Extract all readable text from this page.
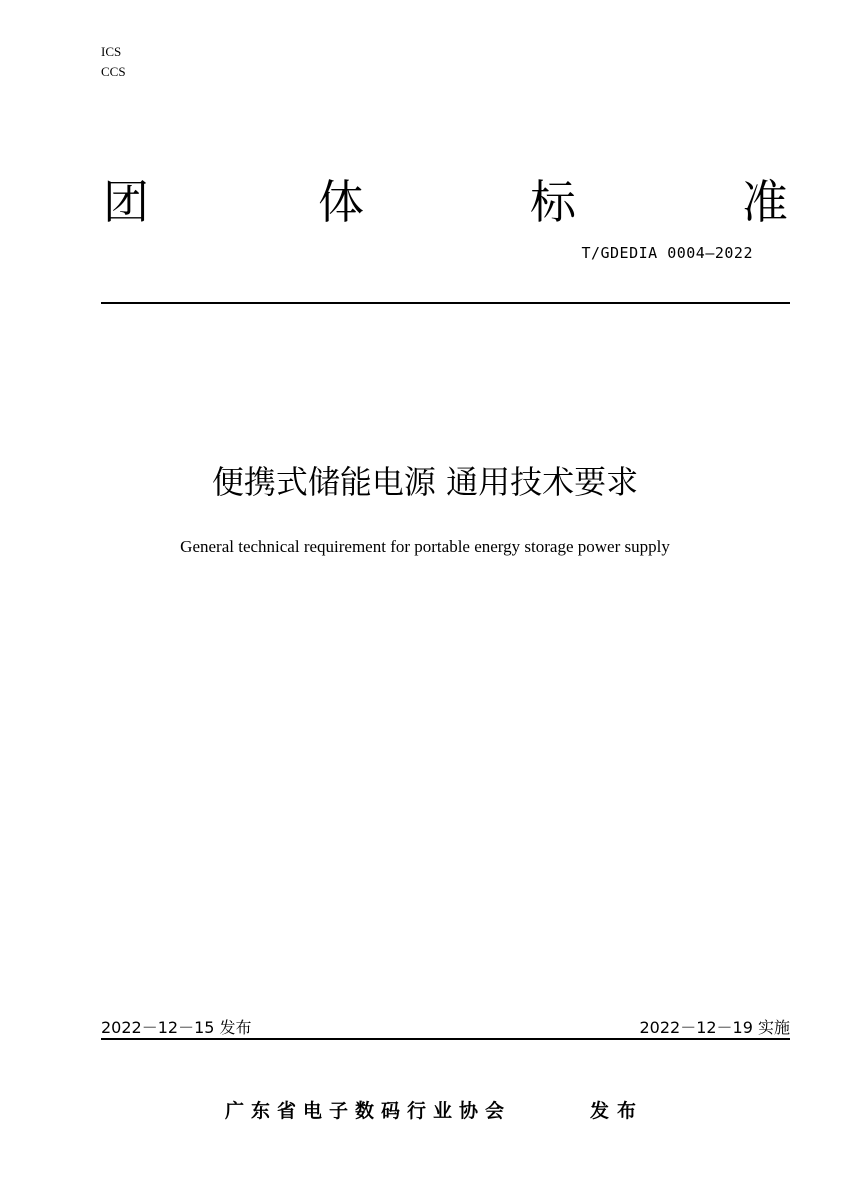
ICS
CCS
团	体	标	准
T/GDEDIA 0004—2022
便携式储能电源 通用技术要求
General technical requirement for portable energy storage power supply
2022－12－15 发布	2022－12－19 实施
广东省电子数码行业协会	发布
